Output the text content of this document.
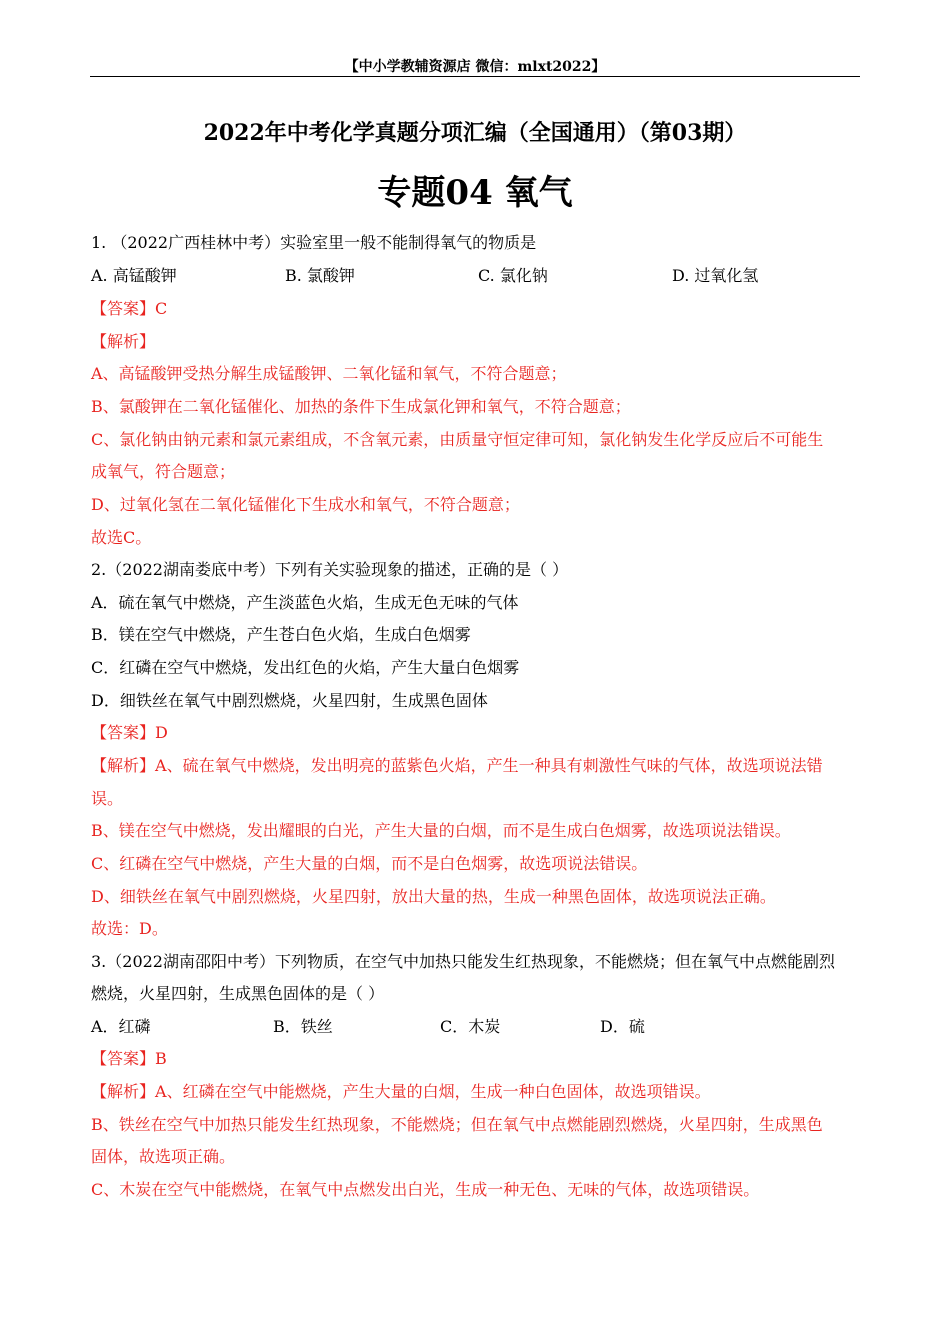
【中小学教辅资源店 微信：mlxt2022】
2022年中考化学真题分项汇编（全国通用）（第03期）
专题04 氧气
1. （2022广西桂林中考）实验室里一般不能制得氧气的物质是
A. 高锰酸钾	B. 氯酸钾	C. 氯化钠	D. 过氧化氢
【答案】C
【解析】
A、高锰酸钾受热分解生成锰酸钾、二氧化锰和氧气，不符合题意；
B、氯酸钾在二氧化锰催化、加热的条件下生成氯化钾和氧气，不符合题意；
C、氯化钠由钠元素和氯元素组成，不含氧元素，由质量守恒定律可知，氯化钠发生化学反应后不可能生
成氧气，符合题意；
D、过氧化氢在二氧化锰催化下生成水和氧气，不符合题意；
故选C。
2.（2022湖南娄底中考）下列有关实验现象的描述，正确的是（ ）
A．硫在氧气中燃烧，产生淡蓝色火焰，生成无色无味的气体
B．镁在空气中燃烧，产生苍白色火焰，生成白色烟雾
C．红磷在空气中燃烧，发出红色的火焰，产生大量白色烟雾
D．细铁丝在氧气中剧烈燃烧，火星四射，生成黑色固体
【答案】D
【解析】A、硫在氧气中燃烧，发出明亮的蓝紫色火焰，产生一种具有刺激性气味的气体，故选项说法错
误。
B、镁在空气中燃烧，发出耀眼的白光，产生大量的白烟，而不是生成白色烟雾，故选项说法错误。
C、红磷在空气中燃烧，产生大量的白烟，而不是白色烟雾，故选项说法错误。
D、细铁丝在氧气中剧烈燃烧，火星四射，放出大量的热，生成一种黑色固体，故选项说法正确。
故选：D。
3.（2022湖南邵阳中考）下列物质，在空气中加热只能发生红热现象，不能燃烧；但在氧气中点燃能剧烈
燃烧，火星四射，生成黑色固体的是（ ）
A．红磷	B．铁丝	C．木炭	D．硫
【答案】B
【解析】A、红磷在空气中能燃烧，产生大量的白烟，生成一种白色固体，故选项错误。
B、铁丝在空气中加热只能发生红热现象，不能燃烧；但在氧气中点燃能剧烈燃烧，火星四射，生成黑色
固体，故选项正确。
C、木炭在空气中能燃烧，在氧气中点燃发出白光，生成一种无色、无味的气体，故选项错误。
